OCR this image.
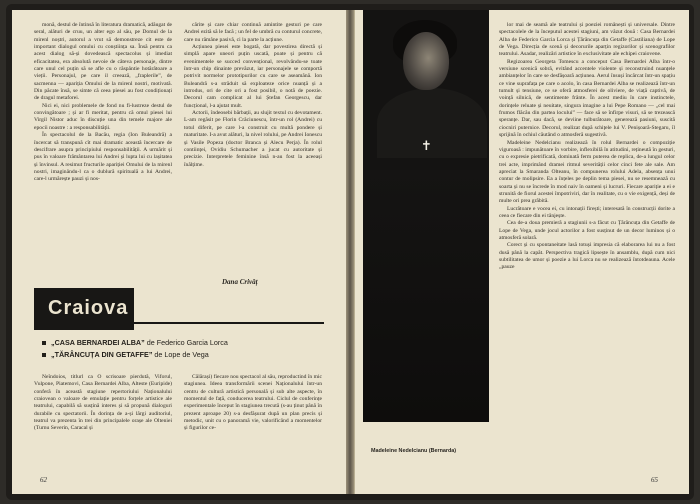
monă, destul de întinsă în literatura dramatică, adăugat de seral, alături de cruu, un alter ego al său, pe Domul de la mirenl noștri, autorul a vrut să demonstreze cit este de important dialogul omului cu conștiința sa. Însă pentru ca acest dialog să-și dovedească spectacolus și imediat eficacitatea, era absolută nevoie de câteva personaje, dintre care unul cel puțin să se afle cu o răspântie hotărâtoare a vieții. Personajul, pe care il creează, „fraplerile”, de sacmenna — apariția Omului de la mirenl nostri, motivată. Din păcate însă, se simte că ceea piesei au fost condiționați de dragul metaforei.

Nici ei, nici problemele de fond nu fi-lustreze destul de convingătoare ; și ar fi meritat, pentru că omul piesei lui Virgil Nistor aduc în discuție una din temele majore ale epocii noastre : a responsabilității.

În spectacolul de la Bacău, regia (Ion Buleandră) a încercat să transpună cît mai dramatic această încercare de descifrare asupra principiului responsabilității. A urmărit și pus în valoare frământarea lui Andrei și lupta lui cu lașitatea și învinsul. A resimut fructurile apariției Omului de la mirenl nostri, imaginându-l ca o dublură spirituală a lui Andrei, care-l urmărește pauzi și nos-

cărite și care chiar continuă amintite gesturi pe care Andrei ezită să le facă ; un fel de umbră cu conturul concrete, care nu rămâne pasivă, ci la parte la acțiune.

Acțiunea piesei este bogată, dar povestirea directă și simplă apare uneori puțin uscată, poate și pentru că evenimentele se succed convențional, revolvându-se toate într-un chip dinainte prevăzut, iar personajele se comportă potrivit normelor prototipurilor cu care se aseamănă. Ion Buleandră s-a străduit să exploateze orice nuanță și a introdus, ori de cite ori a fost posibil, o notă de poezie. Decorul cam complicat al lui Ștefan Georgescu, dar funcțional, l-a ajutat mult.

Actorii, îndeosebi bărbații, au slujit textul cu devotament. L-am regăsit pe Florin Crăciunescu, într-un rol (Andrei) cu totul diferit, pe care l-a construit cu multă pondere și maturitate. I-a avut alături, la nivel rolului, pe Andrei Ionescu și Vasile Popeza (doctor Branca și Alecu Perja). În rolul contiinței, Ovidiu Schumacher a jucat cu autoritate și precizie. Interpretele feminine însă n-au fost la aceeași înălțime.

Dana Crivăț
Craiova
„CASA BERNARDEI ALBA” de Federico Garcia Lorca
„TĂRÂNCUȚA DIN GETAFFE” de Lope de Vega

Neîndoios, titlurl ca O scrisoare pierdută, Viforul, Vulpone, Piatemovi, Casa Bernardei Alba, Alteste (Euripide) conferă în această stagiune repertoriului Naționalului craiovean o valoare de emulație pentru forțele artistice ale teatrului, capabilă să susțină interes și să propună dialoguri durabile cu spectatorii. În dorința de a-și lărgi auditoriul, teatrul va prezenta în trei din principalele orașe ale Olteniei (Turnu Severin, Caracal și

Călărași) fiecare nou spectacol al său, reproductind în mic stagiunea. Ideea transformării scenei Naționalului într-un centru de cultură artistică personală și sub alte aspecte, în momentul de față, conducerea teatrului. Ciclul de conferințe experimentale început în stagiunea trecută (s-au ținut până în prezent aproape 20) s-a desfășurat după un plan precis și metodic, unit cu o panoramă vie, valorificând a momentelor și figurilor ce-

62
✝
Madeleine Nedelcianu (Bernarda)

lor mai de seamă ale teatrului și poeziei românești și universale. Dintre spectacolele de la începutul acestei stagiuni, am văzut două : Casa Bernardei Alba de Federico Garcia Lorca și Țărăncuța din Getaffe (Castiliana) de Lope de Vega. Direcția de scenă și decorurile aparțin regizorilor și scenografilor teatrului. Asadar, realizări artistice în exclusivitate ale echipei craiovene.

Regizoarea Georgeta Tomescu a conceput Casa Bernardei Alba într-o versiune scenică sobră, evitând accentele violente și reconstruind nuanțele ambianțelor în care se desfășoară acțiunea. Aerul însuși încărcat într-un spațiu ce vine suprafața pe care o acolo, în casa Bernardei Alba se realizează într-un tumult și tensiune, ce se oferă atmosferei de oliviere, de viață captivă, de voință silnică, de sentimente frânte. În acest mediu în care instinctele, dorințele reluate și neuitate, singura imagine a lui Pepe Romano — „cel mai frumos flăcău din partea locului” — face să se înfirpe visuri, să se trezească speranțe. Dar, sau dacă, se deviine tulburătoare, generează pasiuni, suscită ciocniri puternice. Decorul, realizat după schițele lui V. Penișoară-Stegaru, îl sprijină în ochiul căutând o atmosferă sugestivă.

Madeleine Nedelcianu realizează în rolul Bernardei o compoziție viguroasă : impunătoare în vorbire, inflexibilă în atitudini, rețineută în gesturi, cu o expresie pietrificată, dominată ferm puterea de replica, de-a lungul celor trei acte, imprimând dramei ritmul severității celor cinci fete ale sale. Am apreciat la Smaranda Olteanu, în compunerea rolului Adela, absența unui contur de molipsire. Ea a înțeles pe deplin tema piesei, nu se resemnează cu soarta și nu se încrede în mod naiv în oameni și lucruri. Fiecare apariție a ei e strunită de fiorul acestei împotriviri, dar în realitate, cu o vie exigență, deși de multe ori prea grăbită.

Lucrătoare e vocea ei, cu intonații firești; interesată în construcții dorite a ceea ce fiecare din ei tânjește.

Cea de-a doua premieră a stagiunii s-a făcut cu Țărăncuța din Getaffe de Lope de Vega, unde jocul actorilor a fost susținut de un decor luminos și o atmosferă solară.

Corect și cu spontaneitate lasă totuși impresia că elaborarea lui nu a fost dusă până la capăt. Perspectiva tragică lipsește în ansamblu, după cum nici subtilitatea de umor și poezie a lui Lorca nu se realizează întotdeauna. Acele „pauze

65
